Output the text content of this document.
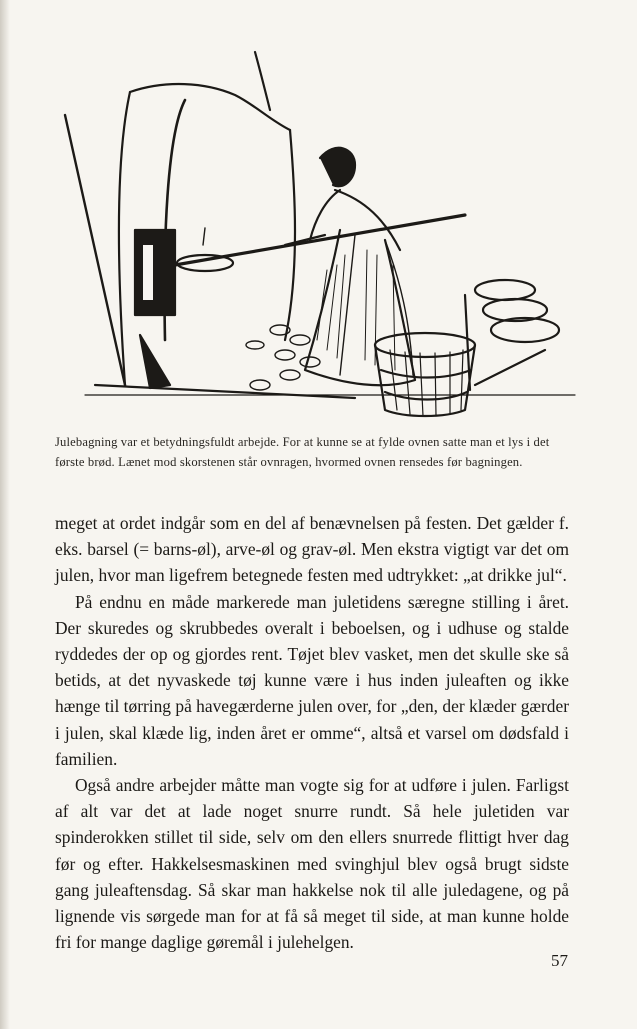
Julebagning var et betydningsfuldt arbejde. For at kunne se at fylde ovnen satte man et lys i det første brød. Lænet mod skorstenen står ovnragen, hvormed ovnen rensedes før bagningen.

meget at ordet indgår som en del af benævnelsen på festen. Det gælder f. eks. barsel (= barns-øl), arve-øl og grav-øl. Men ekstra vigtigt var det om julen, hvor man ligefrem betegnede festen med udtrykket: „at drikke jul“.

På endnu en måde markerede man juletidens særegne stilling i året. Der skuredes og skrubbedes overalt i beboelsen, og i udhuse og stalde ryddedes der op og gjordes rent. Tøjet blev vasket, men det skulle ske så betids, at det nyvaskede tøj kunne være i hus inden juleaften og ikke hænge til tørring på havegærderne julen over, for „den, der klæder gærder i julen, skal klæde lig, inden året er omme“, altså et varsel om dødsfald i familien.

Også andre arbejder måtte man vogte sig for at udføre i julen. Farligst af alt var det at lade noget snurre rundt. Så hele juletiden var spinderokken stillet til side, selv om den ellers snurrede flittigt hver dag før og efter. Hakkelsesmaskinen med svinghjul blev også brugt sidste gang juleaftensdag. Så skar man hakkelse nok til alle juledagene, og på lignende vis sørgede man for at få så meget til side, at man kunne holde fri for mange daglige gøremål i julehelgen.

57
